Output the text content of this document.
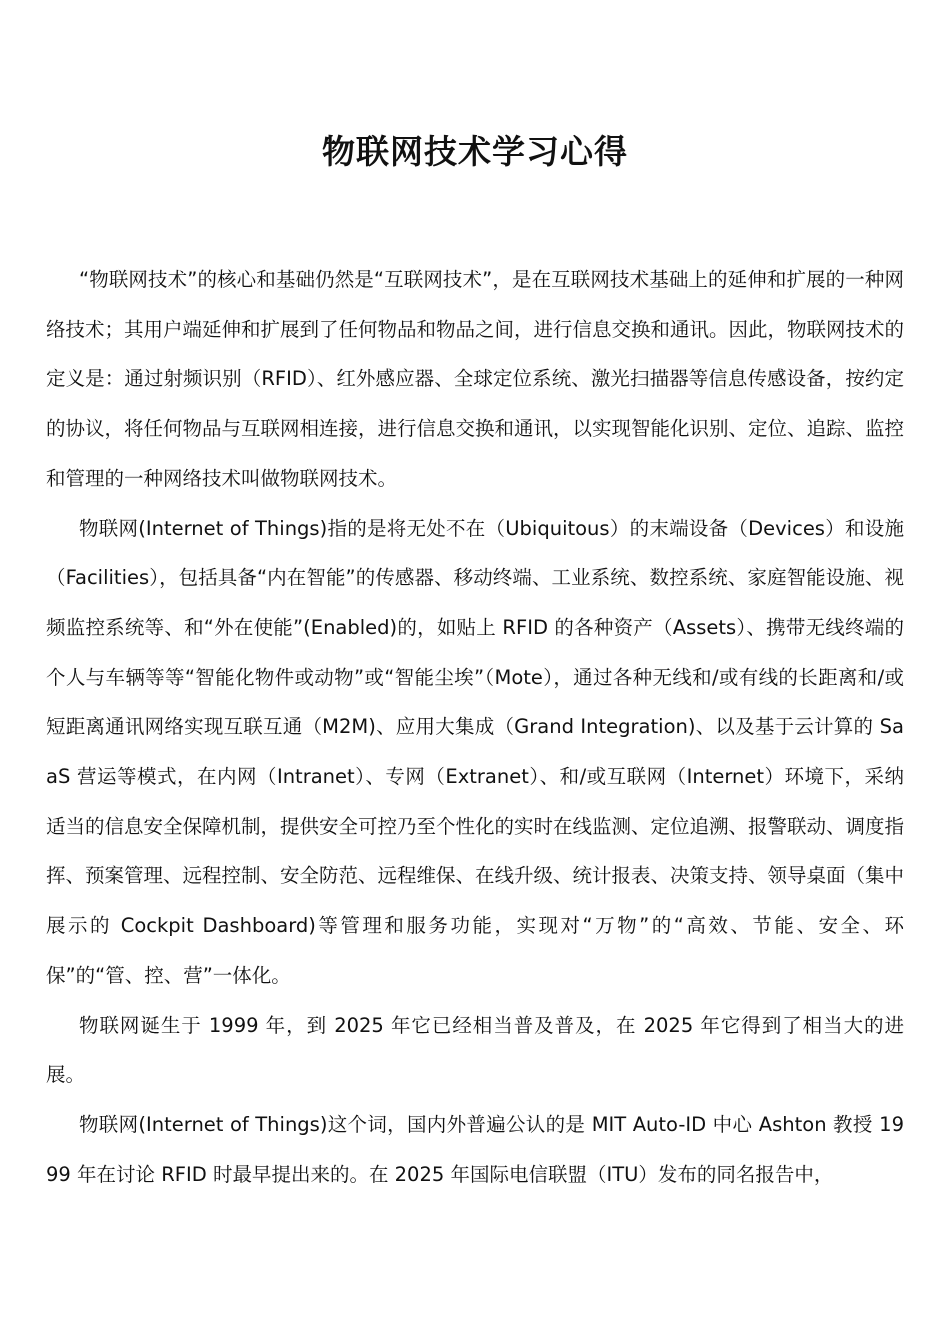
物联网技术学习心得

“物联网技术”的核心和基础仍然是“互联网技术”，是在互联网技术基础上的延伸和扩展的一种网络技术；其用户端延伸和扩展到了任何物品和物品之间，进行信息交换和通讯。因此，物联网技术的定义是：通过射频识别（RFID）、红外感应器、全球定位系统、激光扫描器等信息传感设备，按约定的协议，将任何物品与互联网相连接，进行信息交换和通讯，以实现智能化识别、定位、追踪、监控和管理的一种网络技术叫做物联网技术。

物联网(Internet of Things)指的是将无处不在（Ubiquitous）的末端设备（Devices）和设施（Facilities），包括具备“内在智能”的传感器、移动终端、工业系统、数控系统、家庭智能设施、视频监控系统等、和“外在使能”(Enabled)的，如贴上 RFID 的各种资产（Assets）、携带无线终端的个人与车辆等等“智能化物件或动物”或“智能尘埃”（Mote），通过各种无线和/或有线的长距离和/或短距离通讯网络实现互联互通（M2M)、应用大集成（Grand Integration)、以及基于云计算的 SaaS 营运等模式，在内网（Intranet）、专网（Extranet）、和/或互联网（Internet）环境下，采纳适当的信息安全保障机制，提供安全可控乃至个性化的实时在线监测、定位追溯、报警联动、调度指挥、预案管理、远程控制、安全防范、远程维保、在线升级、统计报表、决策支持、领导桌面（集中展示的 Cockpit Dashboard)等管理和服务功能，实现对“万物”的“高效、节能、安全、环保”的“管、控、营”一体化。

物联网诞生于 1999 年，到 2025 年它已经相当普及普及，在 2025 年它得到了相当大的进展。

物联网(Internet of Things)这个词，国内外普遍公认的是 MIT Auto-ID 中心 Ashton 教授 1999 年在讨论 RFID 时最早提出来的。在 2025 年国际电信联盟（ITU）发布的同名报告中，
